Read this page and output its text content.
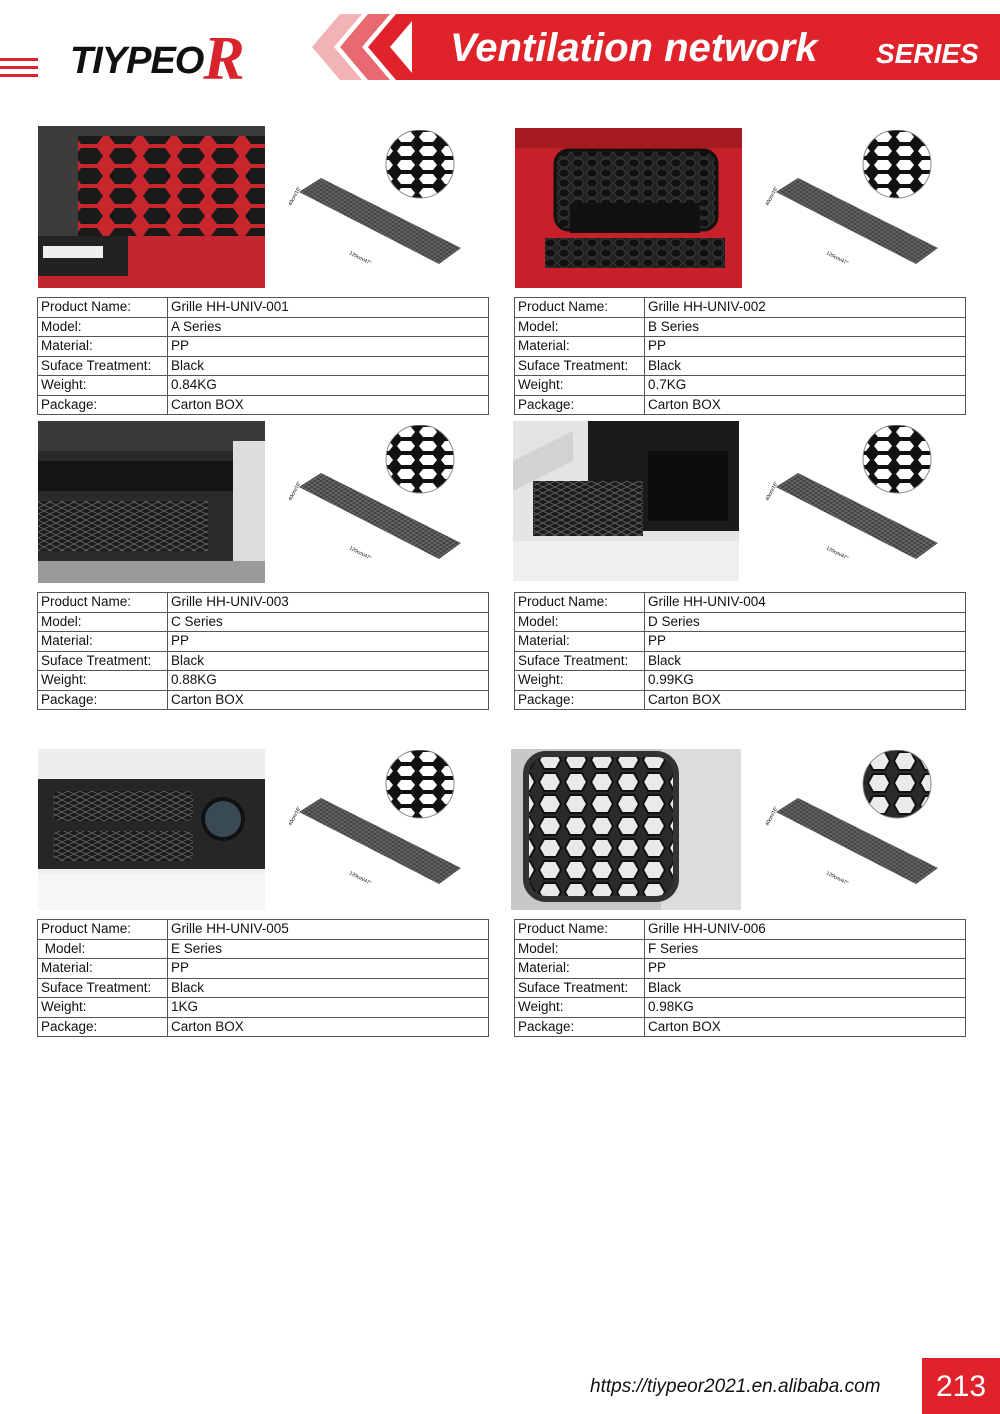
TIYPEOR	Ventilation network SERIES
40cm/16"
120cm/47"
Product Name:	Grille HH-UNIV-001
Model:	A Series
Material:	PP
Suface Treatment:	Black
Weight:	0.84KG
Package:	Carton BOX
40cm/16"
120cm/47"
Product Name:	Grille HH-UNIV-002
Model:	B Series
Material:	PP
Suface Treatment:	Black
Weight:	0.7KG
Package:	Carton BOX
40cm/16"
120cm/47"
Product Name:	Grille HH-UNIV-003
Model:	C Series
Material:	PP
Suface Treatment:	Black
Weight:	0.88KG
Package:	Carton BOX
40cm/16"
120cm/47"
Product Name:	Grille HH-UNIV-004
Model:	D Series
Material:	PP
Suface Treatment:	Black
Weight:	0.99KG
Package:	Carton BOX
40cm/16"
120cm/47"
Product Name:	Grille HH-UNIV-005
Model:	E Series
Material:	PP
Suface Treatment:	Black
Weight:	1KG
Package:	Carton BOX
40cm/16"
120cm/47"
Product Name:	Grille HH-UNIV-006
Model:	F Series
Material:	PP
Suface Treatment:	Black
Weight:	0.98KG
Package:	Carton BOX
https://tiypeor2021.en.alibaba.com	213
